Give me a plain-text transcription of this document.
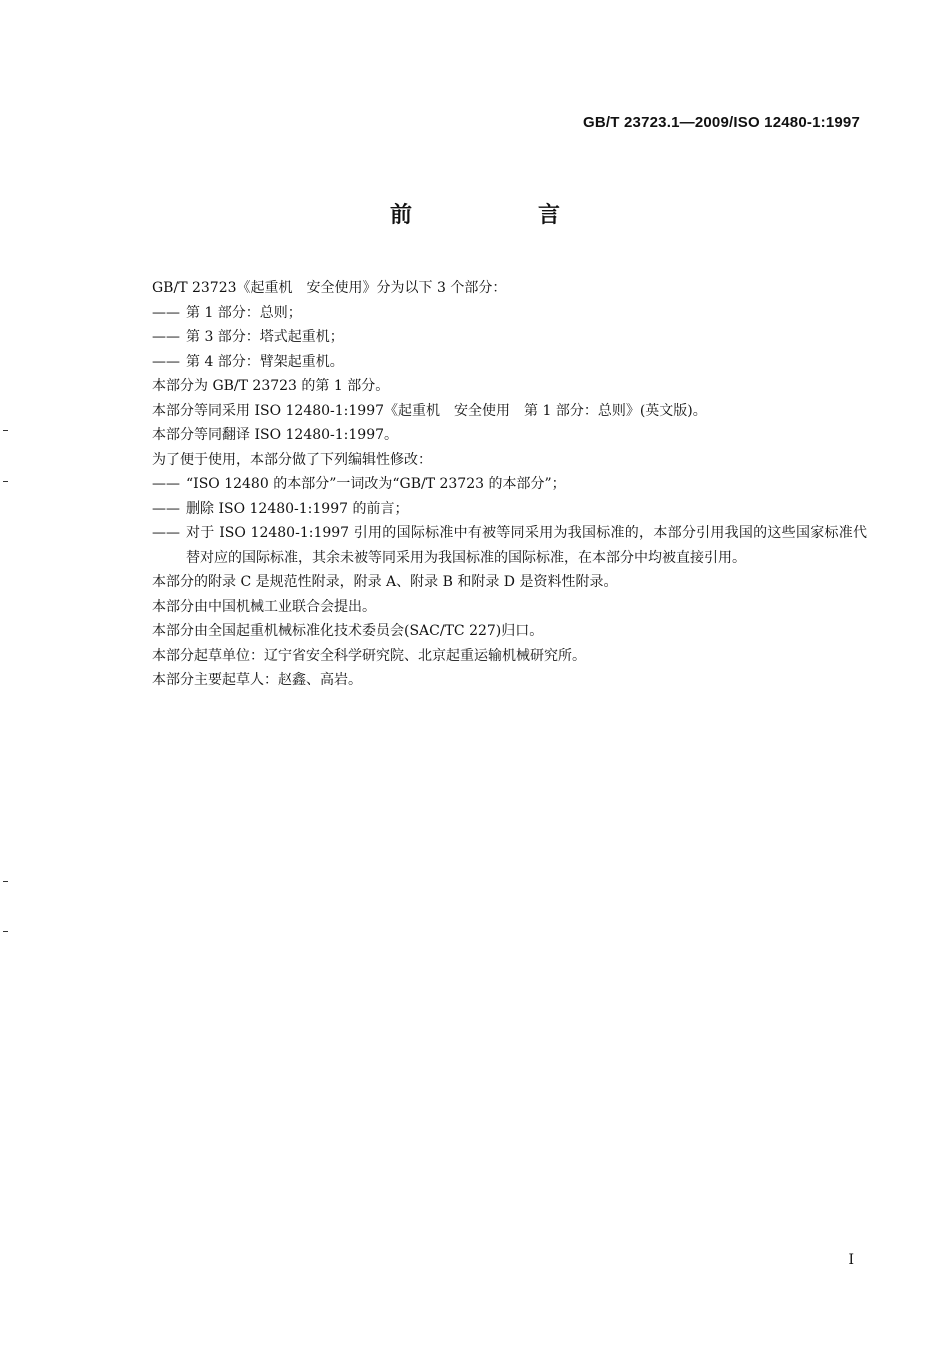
GB/T 23723.1—2009/ISO 12480-1:1997
前　言
GB/T 23723《起重机　安全使用》分为以下 3 个部分：
—— 第 1 部分：总则；
—— 第 3 部分：塔式起重机；
—— 第 4 部分：臂架起重机。
本部分为 GB/T 23723 的第 1 部分。
本部分等同采用 ISO 12480-1:1997《起重机　安全使用　第 1 部分：总则》(英文版)。
本部分等同翻译 ISO 12480-1:1997。
为了便于使用，本部分做了下列编辑性修改：
—— “ISO 12480 的本部分”一词改为“GB/T 23723 的本部分”；
—— 删除 ISO 12480-1:1997 的前言；
—— 对于 ISO 12480-1:1997 引用的国际标准中有被等同采用为我国标准的，本部分引用我国的这些国家标准代替对应的国际标准，其余未被等同采用为我国标准的国际标准，在本部分中均被直接引用。
本部分的附录 C 是规范性附录，附录 A、附录 B 和附录 D 是资料性附录。
本部分由中国机械工业联合会提出。
本部分由全国起重机械标准化技术委员会(SAC/TC 227)归口。
本部分起草单位：辽宁省安全科学研究院、北京起重运输机械研究所。
本部分主要起草人：赵鑫、高岩。
I
